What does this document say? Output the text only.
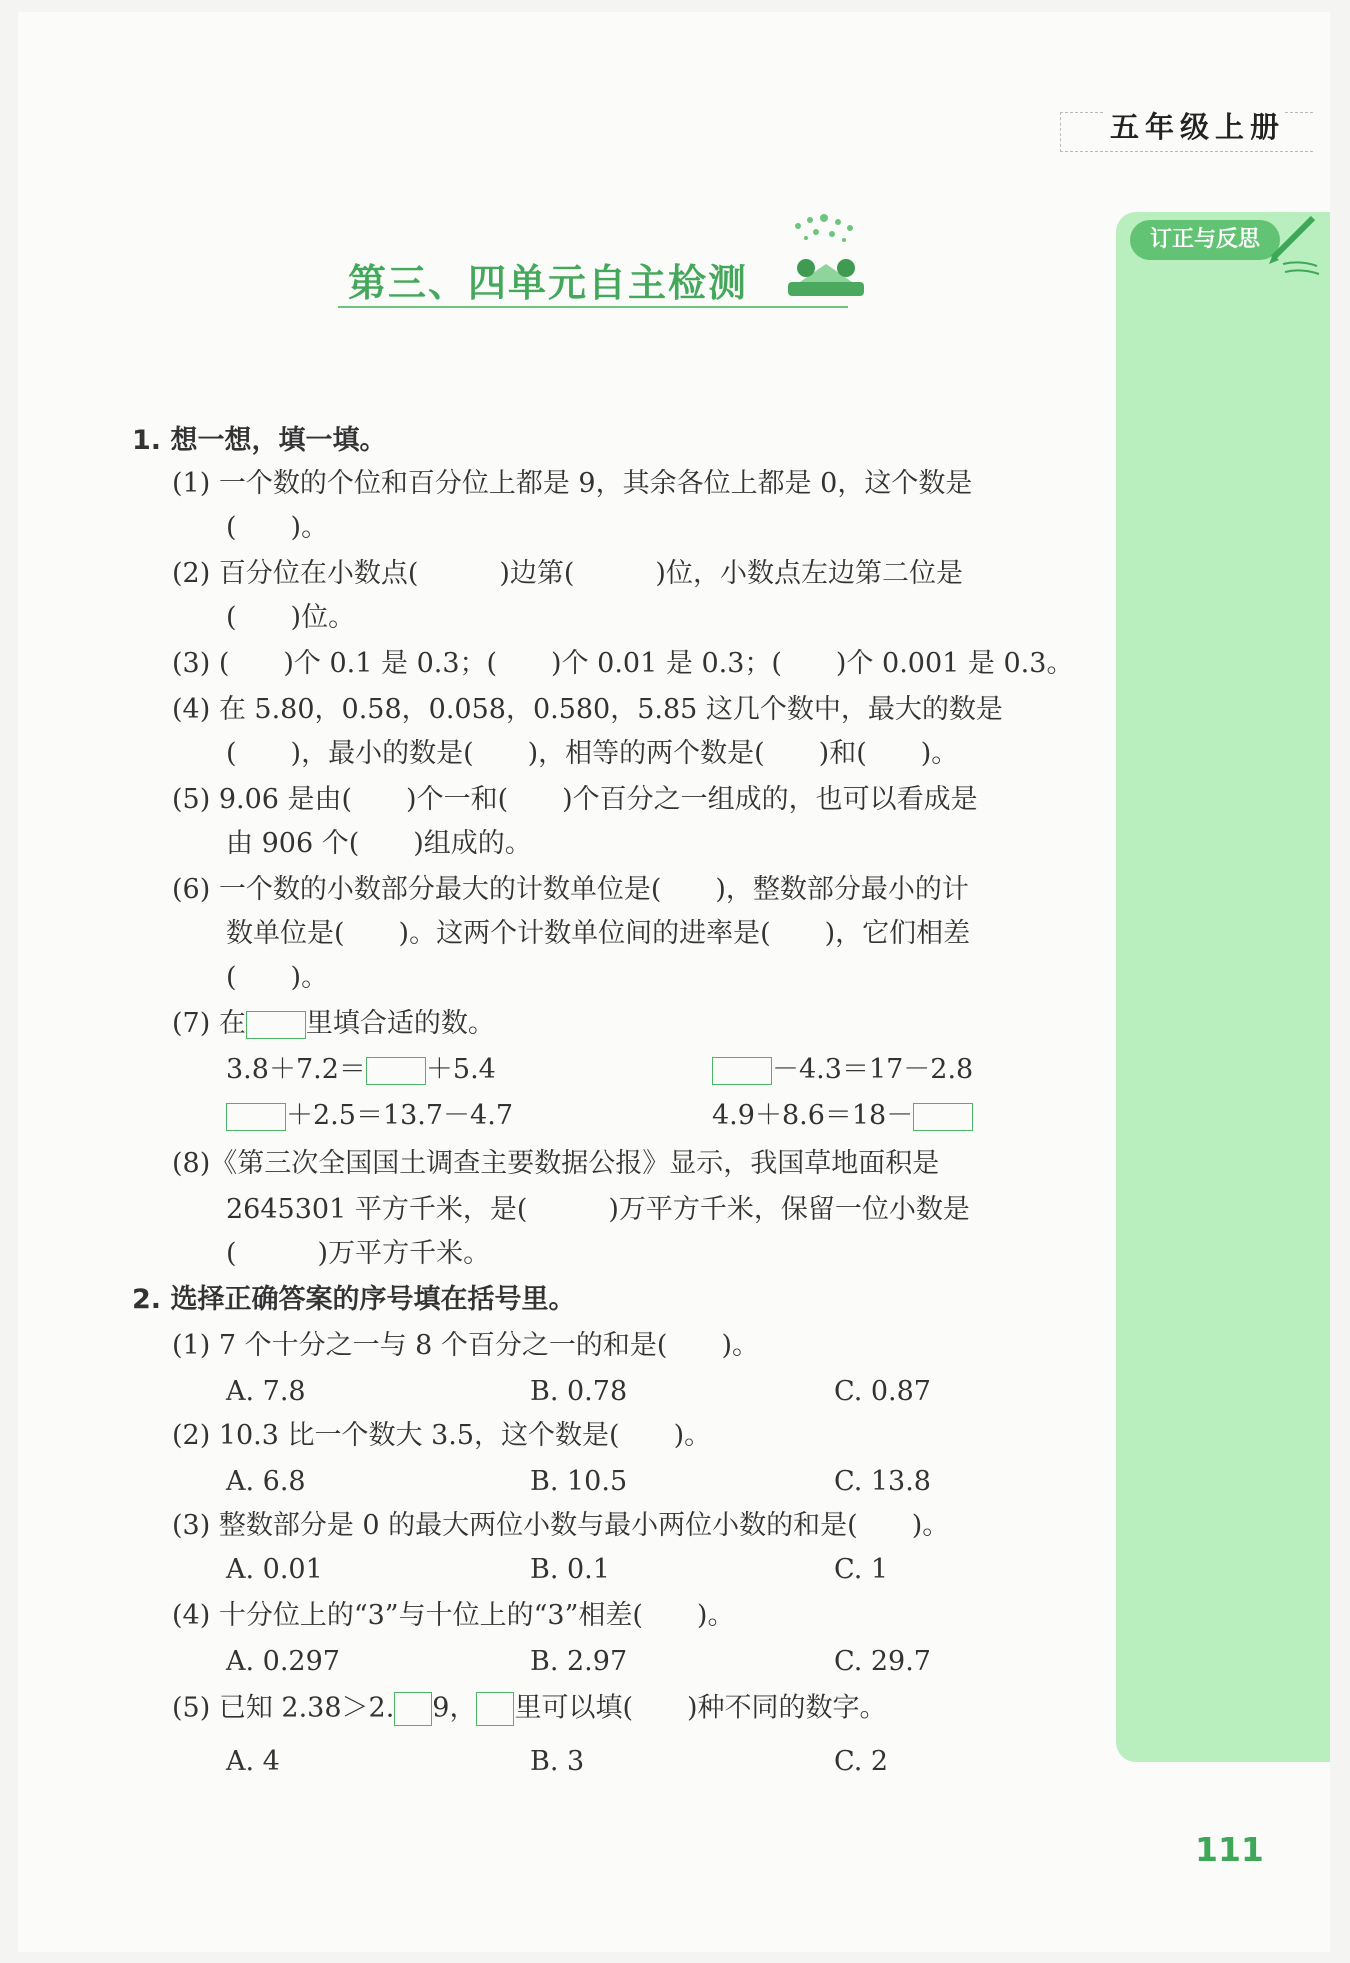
五年级上册
订正与反思
第三、四单元自主检测
1. 想一想，填一填。
(1) 一个数的个位和百分位上都是 9，其余各位上都是 0，这个数是
(　　)。
(2) 百分位在小数点(　　　)边第(　　　)位，小数点左边第二位是
(　　)位。
(3) (　　)个 0.1 是 0.3；(　　)个 0.01 是 0.3；(　　)个 0.001 是 0.3。
(4) 在 5.80，0.58，0.058，0.580，5.85 这几个数中，最大的数是
(　　)，最小的数是(　　)，相等的两个数是(　　)和(　　)。
(5) 9.06 是由(　　)个一和(　　)个百分之一组成的，也可以看成是
由 906 个(　　)组成的。
(6) 一个数的小数部分最大的计数单位是(　　)，整数部分最小的计
数单位是(　　)。这两个计数单位间的进率是(　　)，它们相差
(　　)。
(7) 在 里填合适的数。
3.8＋7.2＝ ＋5.4	－4.3＝17－2.8
＋2.5＝13.7－4.7	4.9＋8.6＝18－
(8)《第三次全国国土调查主要数据公报》显示，我国草地面积是
2645301 平方千米，是(　　　)万平方千米，保留一位小数是
(　　　)万平方千米。
2. 选择正确答案的序号填在括号里。
(1) 7 个十分之一与 8 个百分之一的和是(　　)。
A. 7.8	B. 0.78	C. 0.87
(2) 10.3 比一个数大 3.5，这个数是(　　)。
A. 6.8	B. 10.5	C. 13.8
(3) 整数部分是 0 的最大两位小数与最小两位小数的和是(　　)。
A. 0.01	B. 0.1	C. 1
(4) 十分位上的“3”与十位上的“3”相差(　　)。
A. 0.297	B. 2.97	C. 29.7
(5) 已知 2.38＞2. 9， 里可以填(　　)种不同的数字。
A. 4	B. 3	C. 2
111
